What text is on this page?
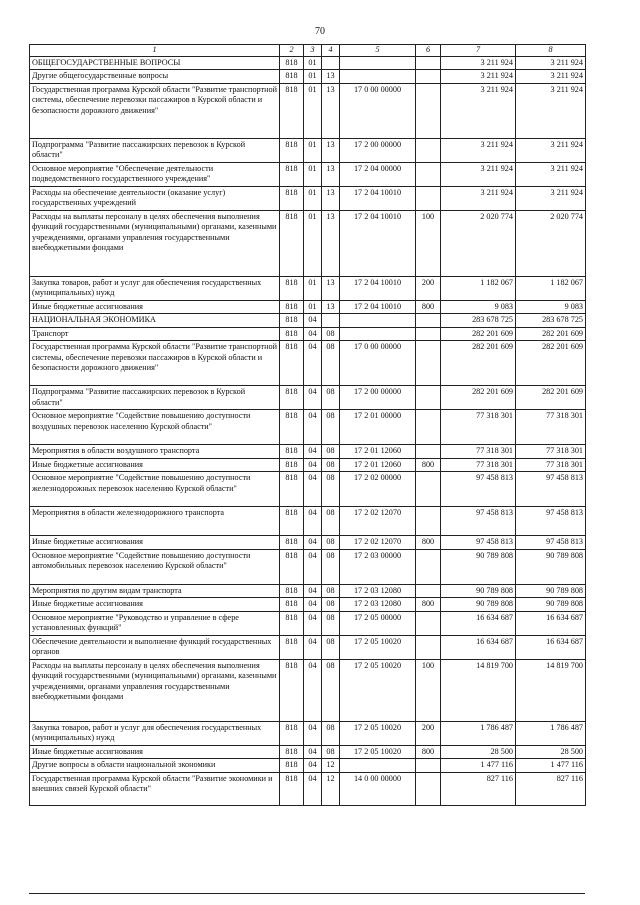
70
1	2	3	4	5	6	7	8
ОБЩЕГОСУДАРСТВЕННЫЕ ВОПРОСЫ	818	01				3 211 924	3 211 924
Другие общегосударственные вопросы	818	01	13			3 211 924	3 211 924
Государственная программа Курской области "Развитие транспортной системы, обеспечение перевозки пассажиров в Курской области и безопасности дорожного движения"	818	01	13	17 0 00 00000		3 211 924	3 211 924
Подпрограмма "Развитие пассажирских перевозок в Курской области"	818	01	13	17 2 00 00000		3 211 924	3 211 924
Основное мероприятие "Обеспечение деятельности подведомственного государственного учреждения"	818	01	13	17 2 04 00000		3 211 924	3 211 924
Расходы на обеспечение деятельности (оказание услуг) государственных учреждений	818	01	13	17 2 04 10010		3 211 924	3 211 924
Расходы на выплаты персоналу в целях обеспечения выполнения функций государственными (муниципальными) органами, казенными учреждениями, органами управления государственными внебюджетными фондами	818	01	13	17 2 04 10010	100	2 020 774	2 020 774
Закупка товаров, работ и услуг для обеспечения государственных (муниципальных) нужд	818	01	13	17 2 04 10010	200	1 182 067	1 182 067
Иные бюджетные ассигнования	818	01	13	17 2 04 10010	800	9 083	9 083
НАЦИОНАЛЬНАЯ ЭКОНОМИКА	818	04				283 678 725	283 678 725
Транспорт	818	04	08			282 201 609	282 201 609
Государственная программа Курской области "Развитие транспортной системы, обеспечение перевозки пассажиров в Курской области и безопасности дорожного движения"	818	04	08	17 0 00 00000		282 201 609	282 201 609
Подпрограмма "Развитие пассажирских перевозок в Курской области"	818	04	08	17 2 00 00000		282 201 609	282 201 609
Основное мероприятие "Содействие повышению доступности воздушных перевозок населению Курской области"	818	04	08	17 2 01 00000		77 318 301	77 318 301
Мероприятия в области воздушного транспорта	818	04	08	17 2 01 12060		77 318 301	77 318 301
Иные бюджетные ассигнования	818	04	08	17 2 01 12060	800	77 318 301	77 318 301
Основное мероприятие "Содействие повышению доступности железнодорожных перевозок населению Курской области"	818	04	08	17 2 02 00000		97 458 813	97 458 813
Мероприятия в области железнодорожного транспорта	818	04	08	17 2 02 12070		97 458 813	97 458 813
Иные бюджетные ассигнования	818	04	08	17 2 02 12070	800	97 458 813	97 458 813
Основное мероприятие "Содействие повышению доступности автомобильных перевозок населению Курской области"	818	04	08	17 2 03 00000		90 789 808	90 789 808
Мероприятия по другим видам транспорта	818	04	08	17 2 03 12080		90 789 808	90 789 808
Иные бюджетные ассигнования	818	04	08	17 2 03 12080	800	90 789 808	90 789 808
Основное мероприятие "Руководство и управление в сфере установленных функций"	818	04	08	17 2 05 00000		16 634 687	16 634 687
Обеспечение деятельности и выполнение функций государственных органов	818	04	08	17 2 05 10020		16 634 687	16 634 687
Расходы на выплаты персоналу в целях обеспечения выполнения функций государственными (муниципальными) органами, казенными учреждениями, органами управления государственными внебюджетными фондами	818	04	08	17 2 05 10020	100	14 819 700	14 819 700
Закупка товаров, работ и услуг для обеспечения государственных (муниципальных) нужд	818	04	08	17 2 05 10020	200	1 786 487	1 786 487
Иные бюджетные ассигнования	818	04	08	17 2 05 10020	800	28 500	28 500
Другие вопросы в области национальной экономики	818	04	12			1 477 116	1 477 116
Государственная программа Курской области "Развитие экономики и внешних связей Курской области"	818	04	12	14 0 00 00000		827 116	827 116
